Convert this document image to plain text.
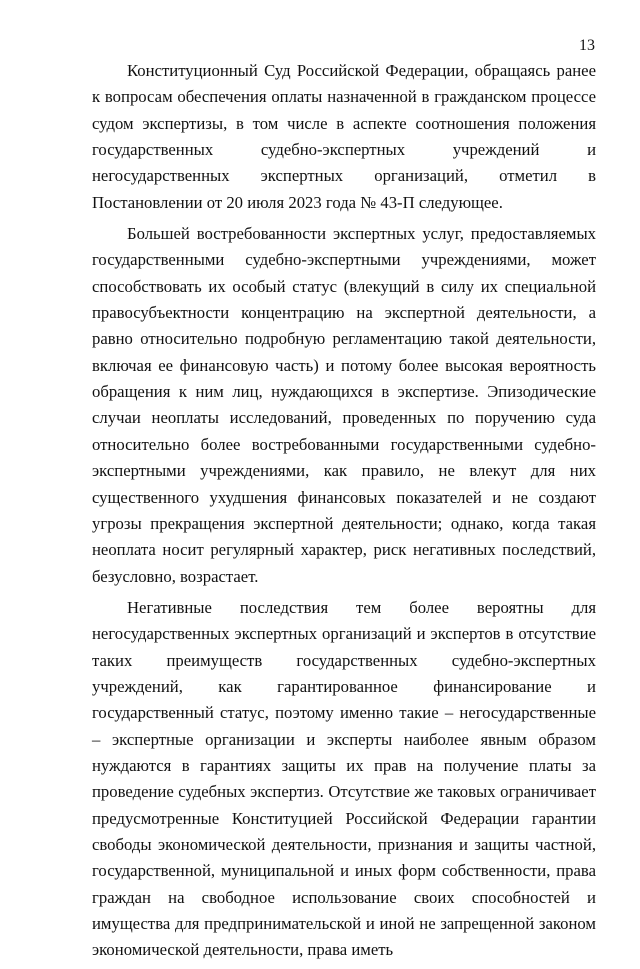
13

Конституционный Суд Российской Федерации, обращаясь ранее к вопросам обеспечения оплаты назначенной в гражданском процессе судом экспертизы, в том числе в аспекте соотношения положения государственных судебно-экспертных учреждений и негосударственных экспертных организаций, отметил в Постановлении от 20 июля 2023 года № 43-П следующее.

Большей востребованности экспертных услуг, предоставляемых государственными судебно-экспертными учреждениями, может способствовать их особый статус (влекущий в силу их специальной правосубъектности концентрацию на экспертной деятельности, а равно относительно подробную регламентацию такой деятельности, включая ее финансовую часть) и потому более высокая вероятность обращения к ним лиц, нуждающихся в экспертизе. Эпизодические случаи неоплаты исследований, проведенных по поручению суда относительно более востребованными государственными судебно-экспертными учреждениями, как правило, не влекут для них существенного ухудшения финансовых показателей и не создают угрозы прекращения экспертной деятельности; однако, когда такая неоплата носит регулярный характер, риск негативных последствий, безусловно, возрастает.

Негативные последствия тем более вероятны для негосударственных экспертных организаций и экспертов в отсутствие таких преимуществ государственных судебно-экспертных учреждений, как гарантированное финансирование и государственный статус, поэтому именно такие – негосударственные – экспертные организации и эксперты наиболее явным образом нуждаются в гарантиях защиты их прав на получение платы за проведение судебных экспертиз. Отсутствие же таковых ограничивает предусмотренные Конституцией Российской Федерации гарантии свободы экономической деятельности, признания и защиты частной, государственной, муниципальной и иных форм собственности, права граждан на свободное использование своих способностей и имущества для предпринимательской и иной не запрещенной законом экономической деятельности, права иметь
